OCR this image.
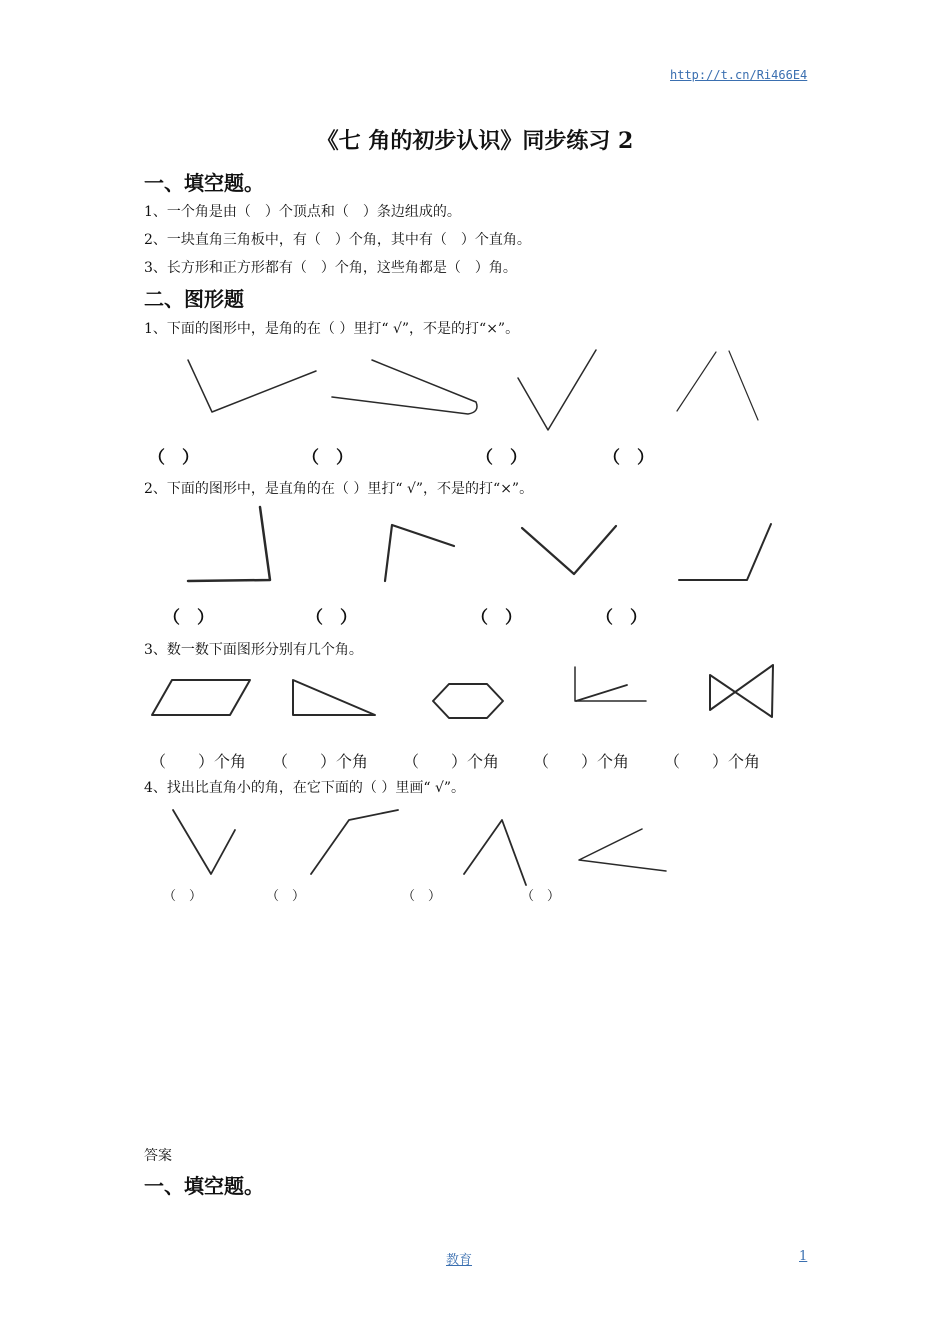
http://t.cn/Ri466E4
《七 角的初步认识》同步练习 2
一、填空题。
1、一个角是由（　）个顶点和（　）条边组成的。
2、一块直角三角板中，有（　）个角，其中有（　）个直角。
3、长方形和正方形都有（　）个角，这些角都是（　）角。
二、图形题
1、下面的图形中，是角的在（ ）里打“ √”，不是的打“×”。
（　）	（　）	（　）	（　）
2、下面的图形中，是直角的在（ ）里打“ √”，不是的打“×”。
（　）	（　）	（　）	（　）
3、数一数下面图形分别有几个角。
（　　）个角 （　　）个角 （　　）个角 （　　）个角 （　　）个角
4、找出比直角小的角，在它下面的（ ）里画“ √”。
（　）	（　）	（　）	（　）
答案
一、填空题。
教育	1
